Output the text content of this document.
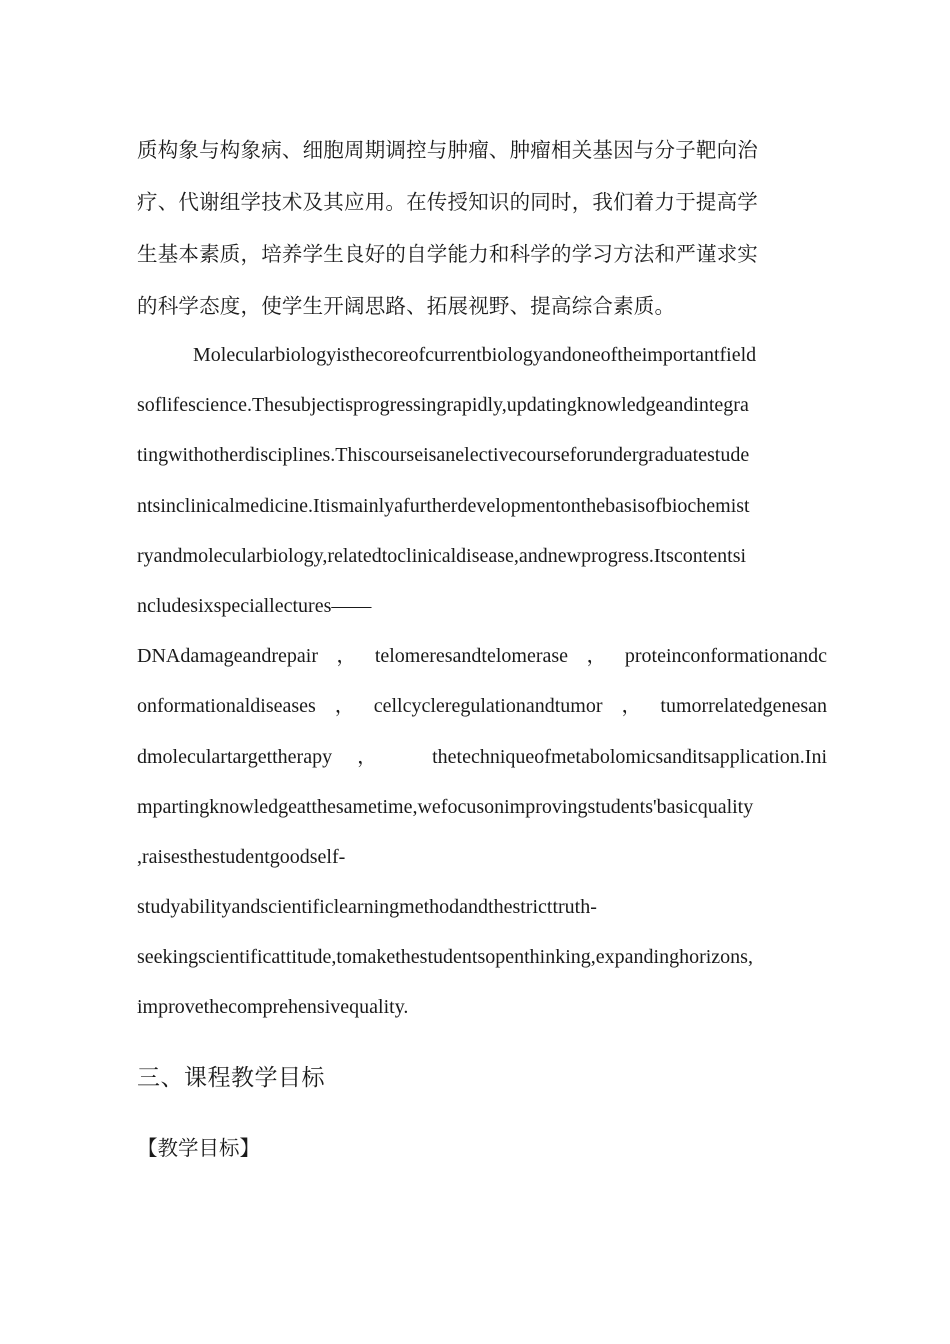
质构象与构象病、细胞周期调控与肿瘤、肿瘤相关基因与分子靶向治
疗、代谢组学技术及其应用。在传授知识的同时，我们着力于提高学
生基本素质，培养学生良好的自学能力和科学的学习方法和严谨求实
的科学态度，使学生开阔思路、拓展视野、提高综合素质。

Molecularbiologyisthecoreofcurrentbiologyandoneoftheimportantfield
soflifescience.Thesubjectisprogressingrapidly,updatingknowledgeandintegra
tingwithotherdisciplines.Thiscourseisanelectivecourseforundergraduatestude
ntsinclinicalmedicine.Itismainlyafurtherdevelopmentonthebasisofbiochemist
ryandmolecularbiology,relatedtoclinicaldisease,andnewprogress.Itscontentsi
ncludesixspeciallectures——
DNAdamageandrepair，telomeresandtelomerase，proteinconformationandc
onformationaldiseases，cellcycleregulationandtumor，tumorrelatedgenesan
dmoleculartargettherapy， thetechniqueofmetabolomicsanditsapplication.Ini
mpartingknowledgeatthesametime,wefocusonimprovingstudents'basicquality
,raisesthestudentgoodself-
studyabilityandscientificlearningmethodandthestricttruth-
seekingscientificattitude,tomakethestudentsopenthinking,expandinghorizons,
improvethecomprehensivequality.

三、课程教学目标

【教学目标】
